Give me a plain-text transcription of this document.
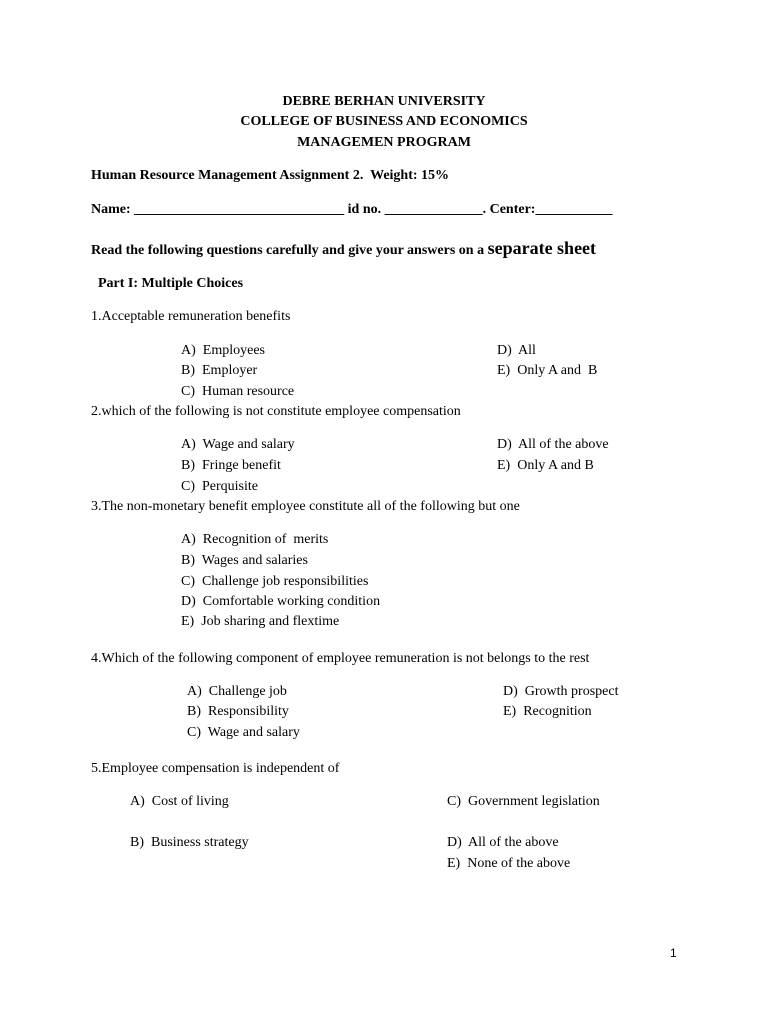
DEBRE BERHAN UNIVERSITY
COLLEGE OF BUSINESS AND ECONOMICS
MANAGEMEN PROGRAM
Human Resource Management Assignment 2.  Weight: 15%
Name: ______________________________ id no. ______________. Center:___________
Read the following questions carefully and give your answers on a separate sheet
Part I: Multiple Choices
1.Acceptable remuneration benefits
A)  Employees
B)  Employer
C)  Human resource
D)  All
E)  Only A and  B
2.which of the following is not constitute employee compensation
A)  Wage and salary
B)  Fringe benefit
C)  Perquisite
D)  All of the above
E)  Only A and B
3.The non-monetary benefit employee constitute all of the following but one
A)  Recognition of  merits
B)  Wages and salaries
C)  Challenge job responsibilities
D)  Comfortable working condition
E)  Job sharing and flextime
4.Which of the following component of employee remuneration is not belongs to the rest
A)  Challenge job
B)  Responsibility
C)  Wage and salary
D)  Growth prospect
E)  Recognition
5.Employee compensation is independent of
A)  Cost of living
B)  Business strategy
C)  Government legislation
D)  All of the above
E)  None of the above
1
